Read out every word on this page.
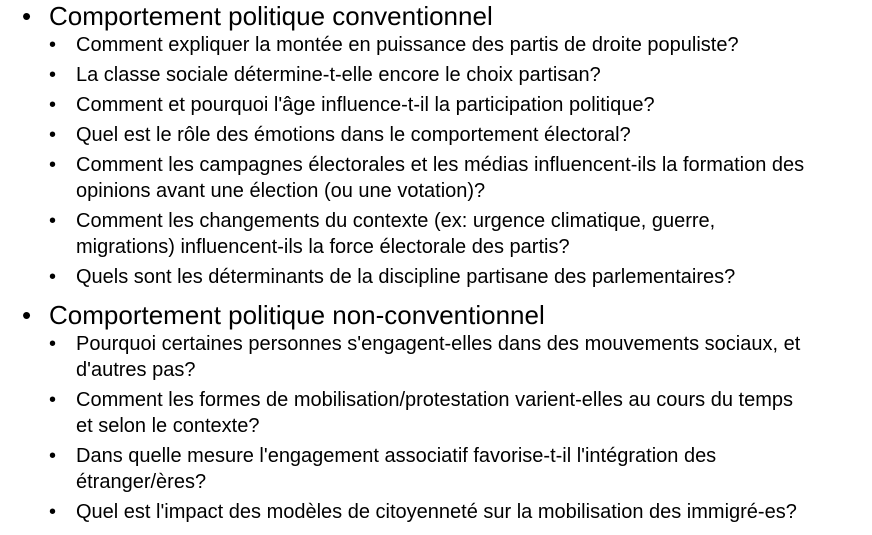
• Comportement politique conventionnel
• Comment expliquer la montée en puissance des partis de droite populiste?
• La classe sociale détermine-t-elle encore le choix partisan?
• Comment et pourquoi l'âge influence-t-il la participation politique?
• Quel est le rôle des émotions dans le comportement électoral?
• Comment les campagnes électorales et les médias influencent-ils la formation des
opinions avant une élection (ou une votation)?
• Comment les changements du contexte (ex: urgence climatique, guerre,
migrations) influencent-ils la force électorale des partis?
• Quels sont les déterminants de la discipline partisane des parlementaires?
• Comportement politique non-conventionnel
• Pourquoi certaines personnes s'engagent-elles dans des mouvements sociaux, et
d'autres pas?
• Comment les formes de mobilisation/protestation varient-elles au cours du temps
et selon le contexte?
• Dans quelle mesure l'engagement associatif favorise-t-il l'intégration des
étranger/ères?
• Quel est l'impact des modèles de citoyenneté sur la mobilisation des immigré-es?
